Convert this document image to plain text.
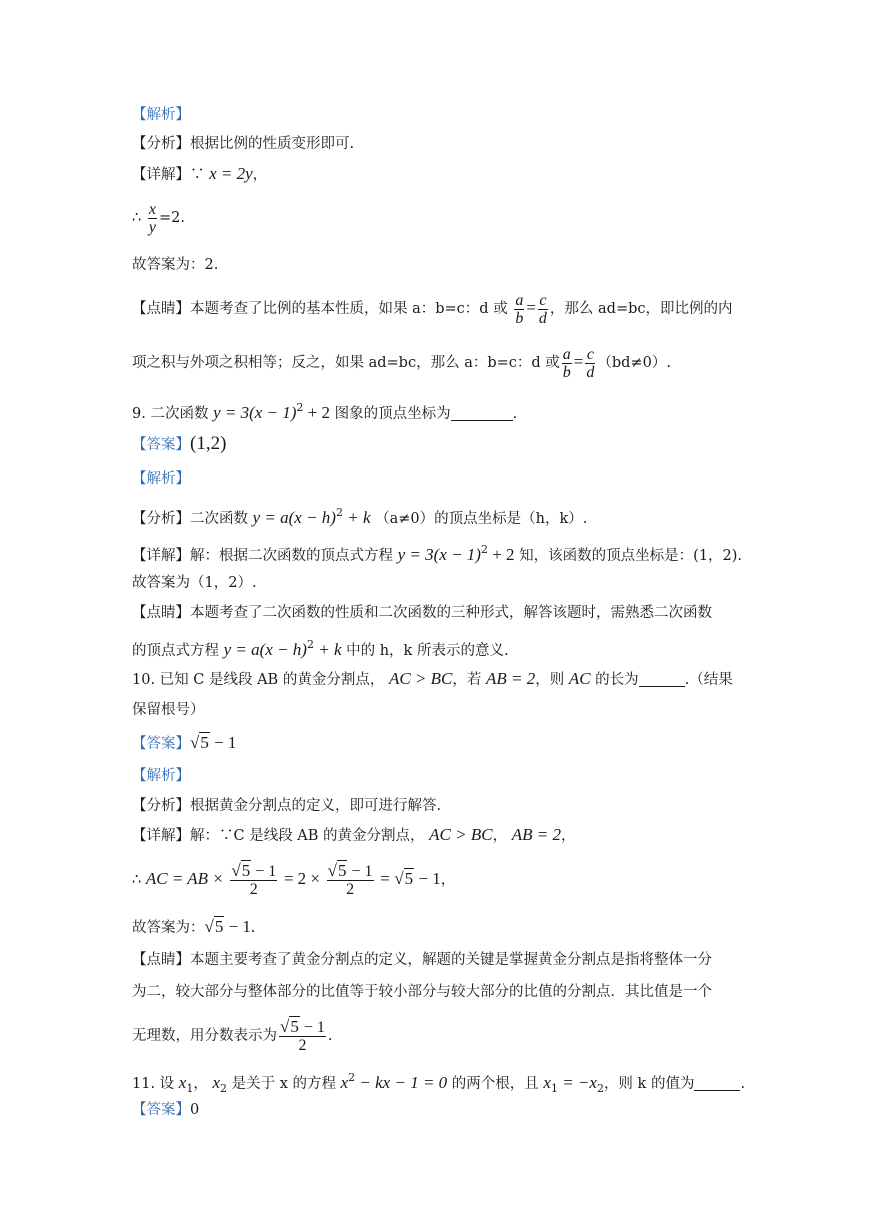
【解析】
【分析】根据比例的性质变形即可.
【详解】∵ x = 2y，
∴ $\frac{x}{y} =2$.
故答案为：2.
【点睛】本题考查了比例的基本性质，如果 a：b=c：d 或 $\frac{a}{b} = \frac{c}{d}$ ，那么 ad=bc，即比例的内
项之积与外项之积相等；反之，如果 ad=bc，那么 a：b=c：d 或 $\frac{a}{b} = \frac{c}{d} (bd\ne 0)$.
9. 二次函数 $y = 3(x - 1)^2 + 2$ 图象的顶点坐标为	.
【答案】(1,2)
【解析】
【分析】二次函数 $y = a(x - h)^2 + k$ （a≠0）的顶点坐标是（h，k）.
【详解】解：根据二次函数的顶点式方程 $y = 3(x - 1)^2 + 2$ 知，该函数的顶点坐标是：(1，2).
故答案为（1，2）.
【点睛】本题考查了二次函数的性质和二次函数的三种形式，解答该题时，需熟悉二次函数
的顶点式方程 $y = a(x - h)^2 + k$ 中的 h，k 所表示的意义.
10. 已知 C 是线段 AB 的黄金分割点， AC > BC，若 AB = 2，则 AC 的长为	.（结果
保留根号）
【答案】√5 − 1
【解析】
【分析】根据黄金分割点的定义，即可进行解答.
【详解】解：∵C 是线段 AB 的黄金分割点， AC > BC， AB = 2，
∴ AC = AB × $\frac{√5 - 1}{2} = 2 \times \frac{√5 - 1}{2} = √5 - 1$，
故答案为：√5 − 1.
【点睛】本题主要考查了黄金分割点的定义，解题的关键是掌握黄金分割点是指将整体一分
为二，较大部分与整体部分的比值等于较小部分与较大部分的比值的分割点．其比值是一个
无理数，用分数表示为 $\frac{√5 - 1}{2}$ .
11. 设 $x_1$， $x_2$ 是关于 x 的方程 $x^2$ − kx − 1 = 0 的两个根，且 $x_1 = -x_2$，则 k 的值为	.
【答案】0
